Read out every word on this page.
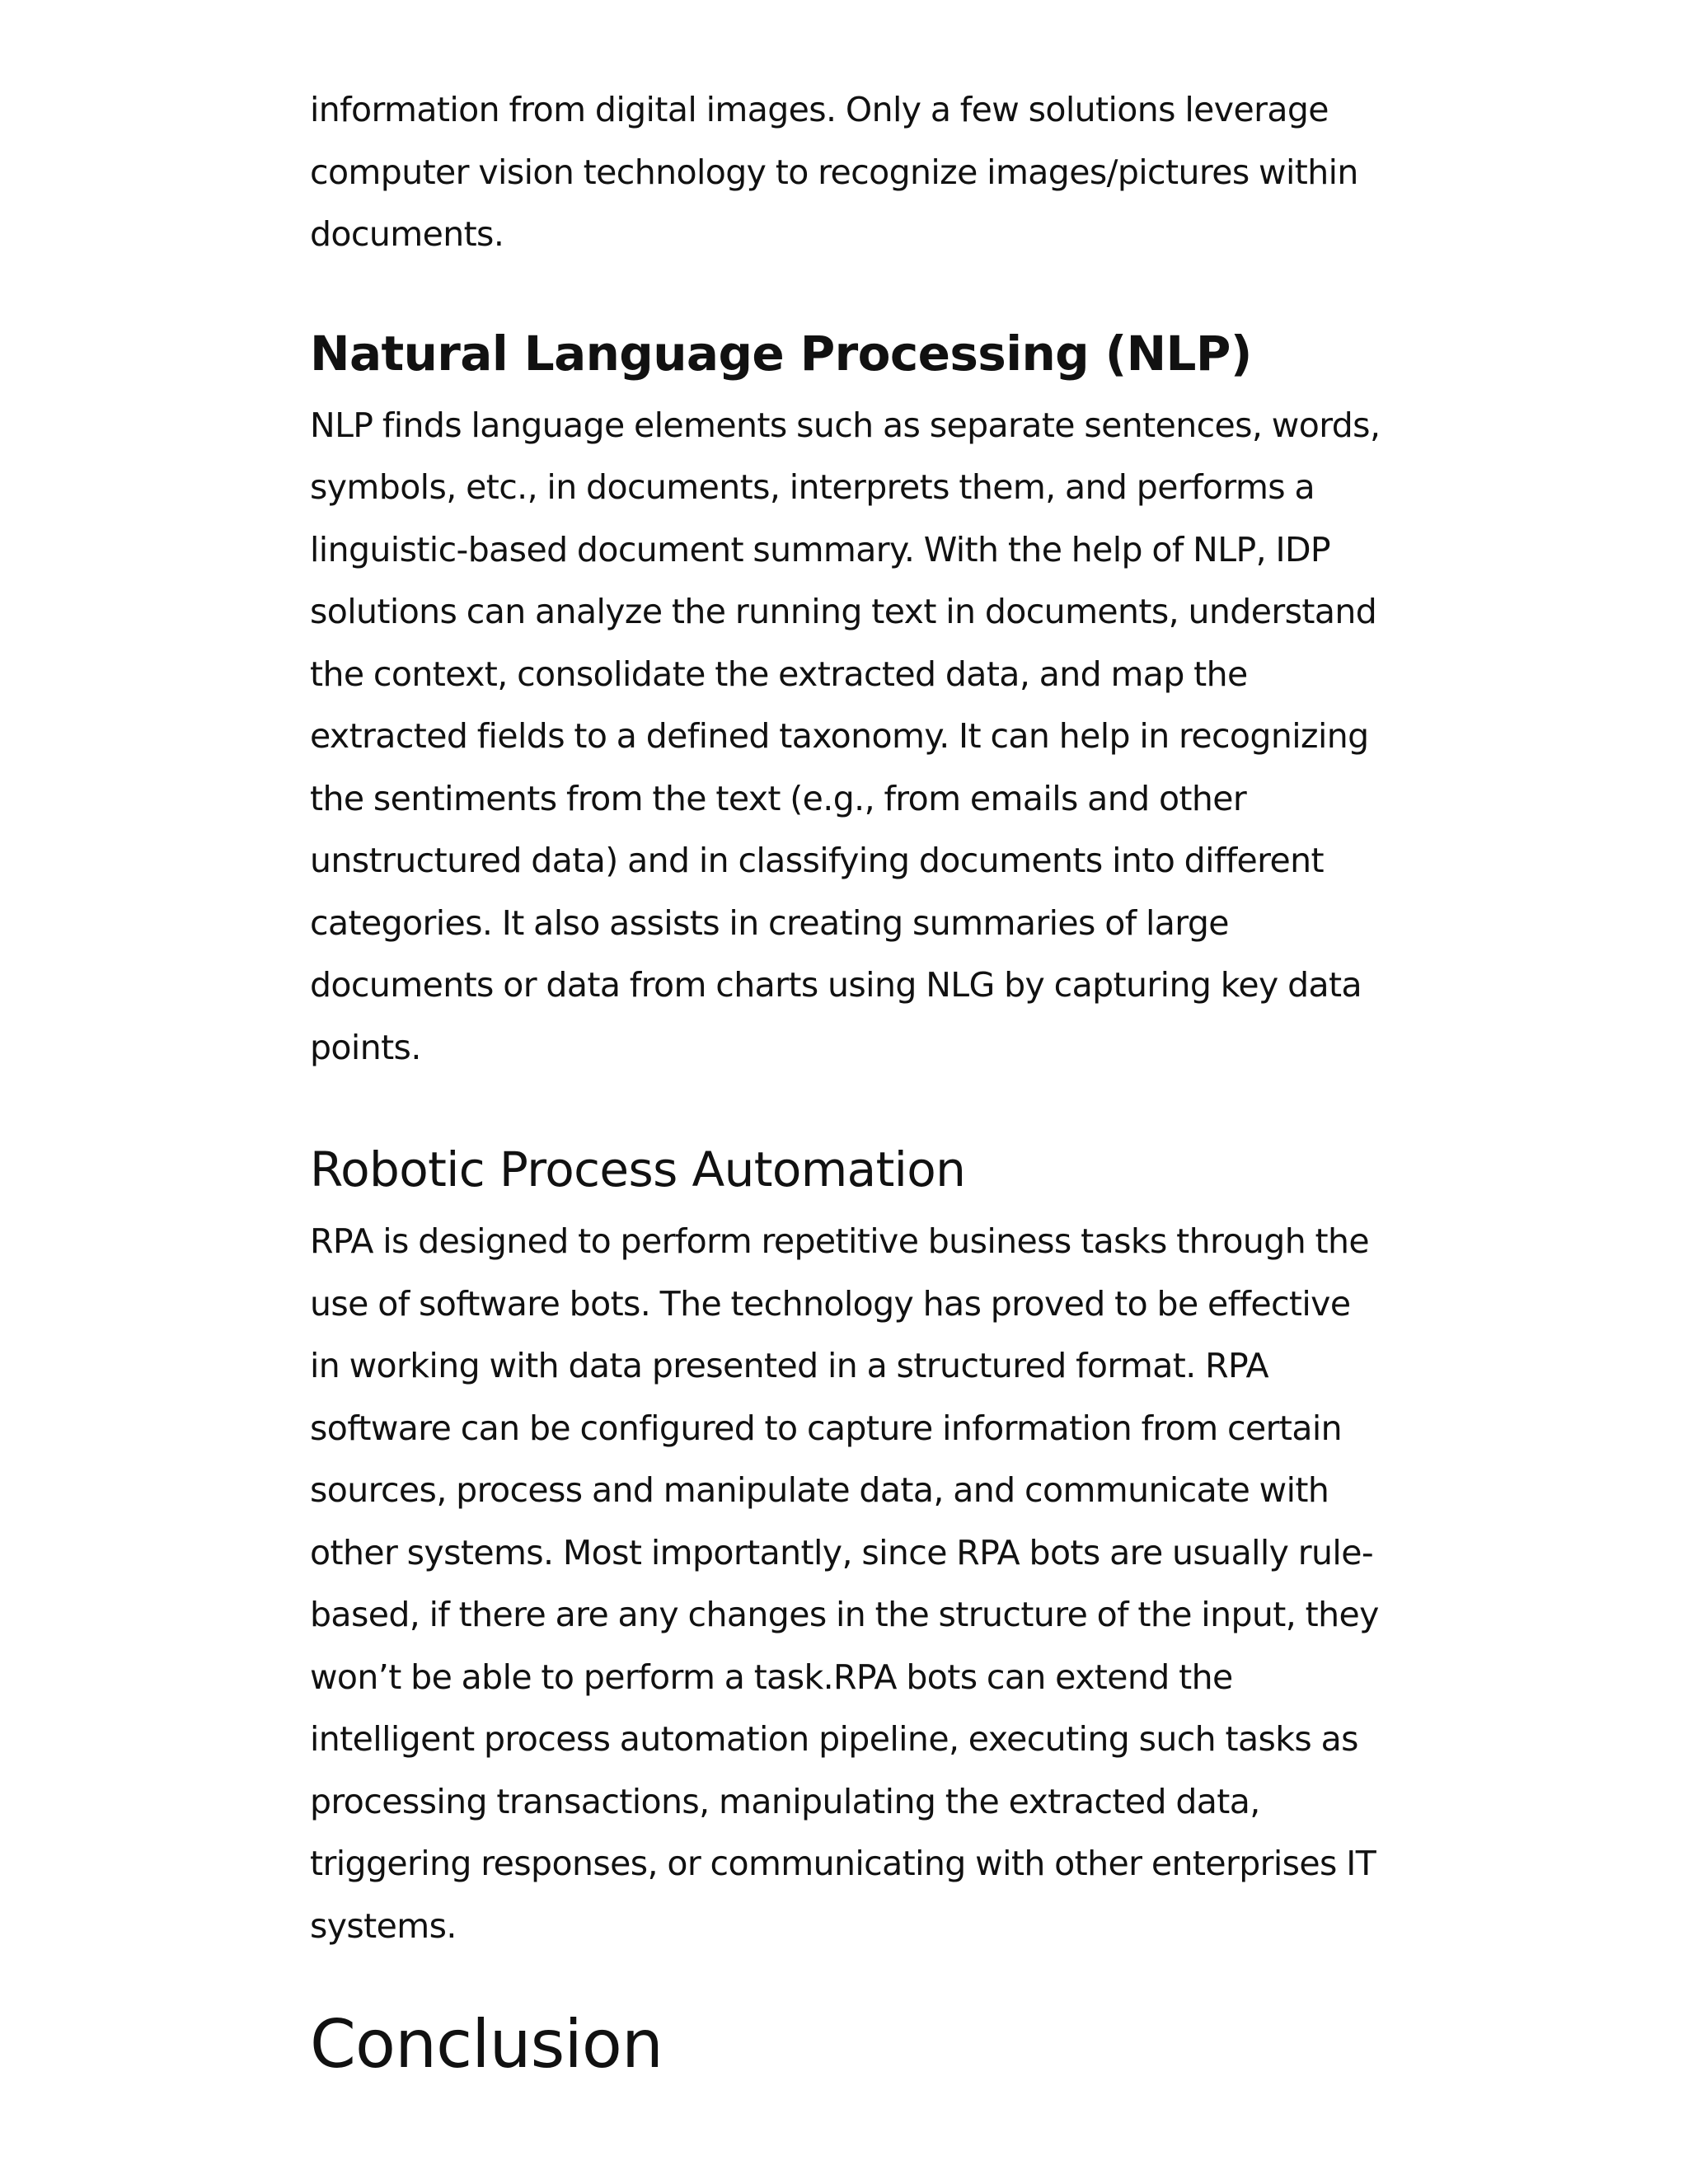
information from digital images. Only a few solutions leverage computer vision technology to recognize images/pictures within documents.

Natural Language Processing (NLP)

NLP finds language elements such as separate sentences, words, symbols, etc., in documents, interprets them, and performs a linguistic-based document summary. With the help of NLP, IDP solutions can analyze the running text in documents, understand the context, consolidate the extracted data, and map the extracted fields to a defined taxonomy. It can help in recognizing the sentiments from the text (e.g., from emails and other unstructured data) and in classifying documents into different categories. It also assists in creating summaries of large documents or data from charts using NLG by capturing key data points.

Robotic Process Automation

RPA is designed to perform repetitive business tasks through the use of software bots. The technology has proved to be effective in working with data presented in a structured format. RPA software can be configured to capture information from certain sources, process and manipulate data, and communicate with other systems. Most importantly, since RPA bots are usually rule-based, if there are any changes in the structure of the input, they won’t be able to perform a task.RPA bots can extend the intelligent process automation pipeline, executing such tasks as processing transactions, manipulating the extracted data, triggering responses, or communicating with other enterprises IT systems.

Conclusion
